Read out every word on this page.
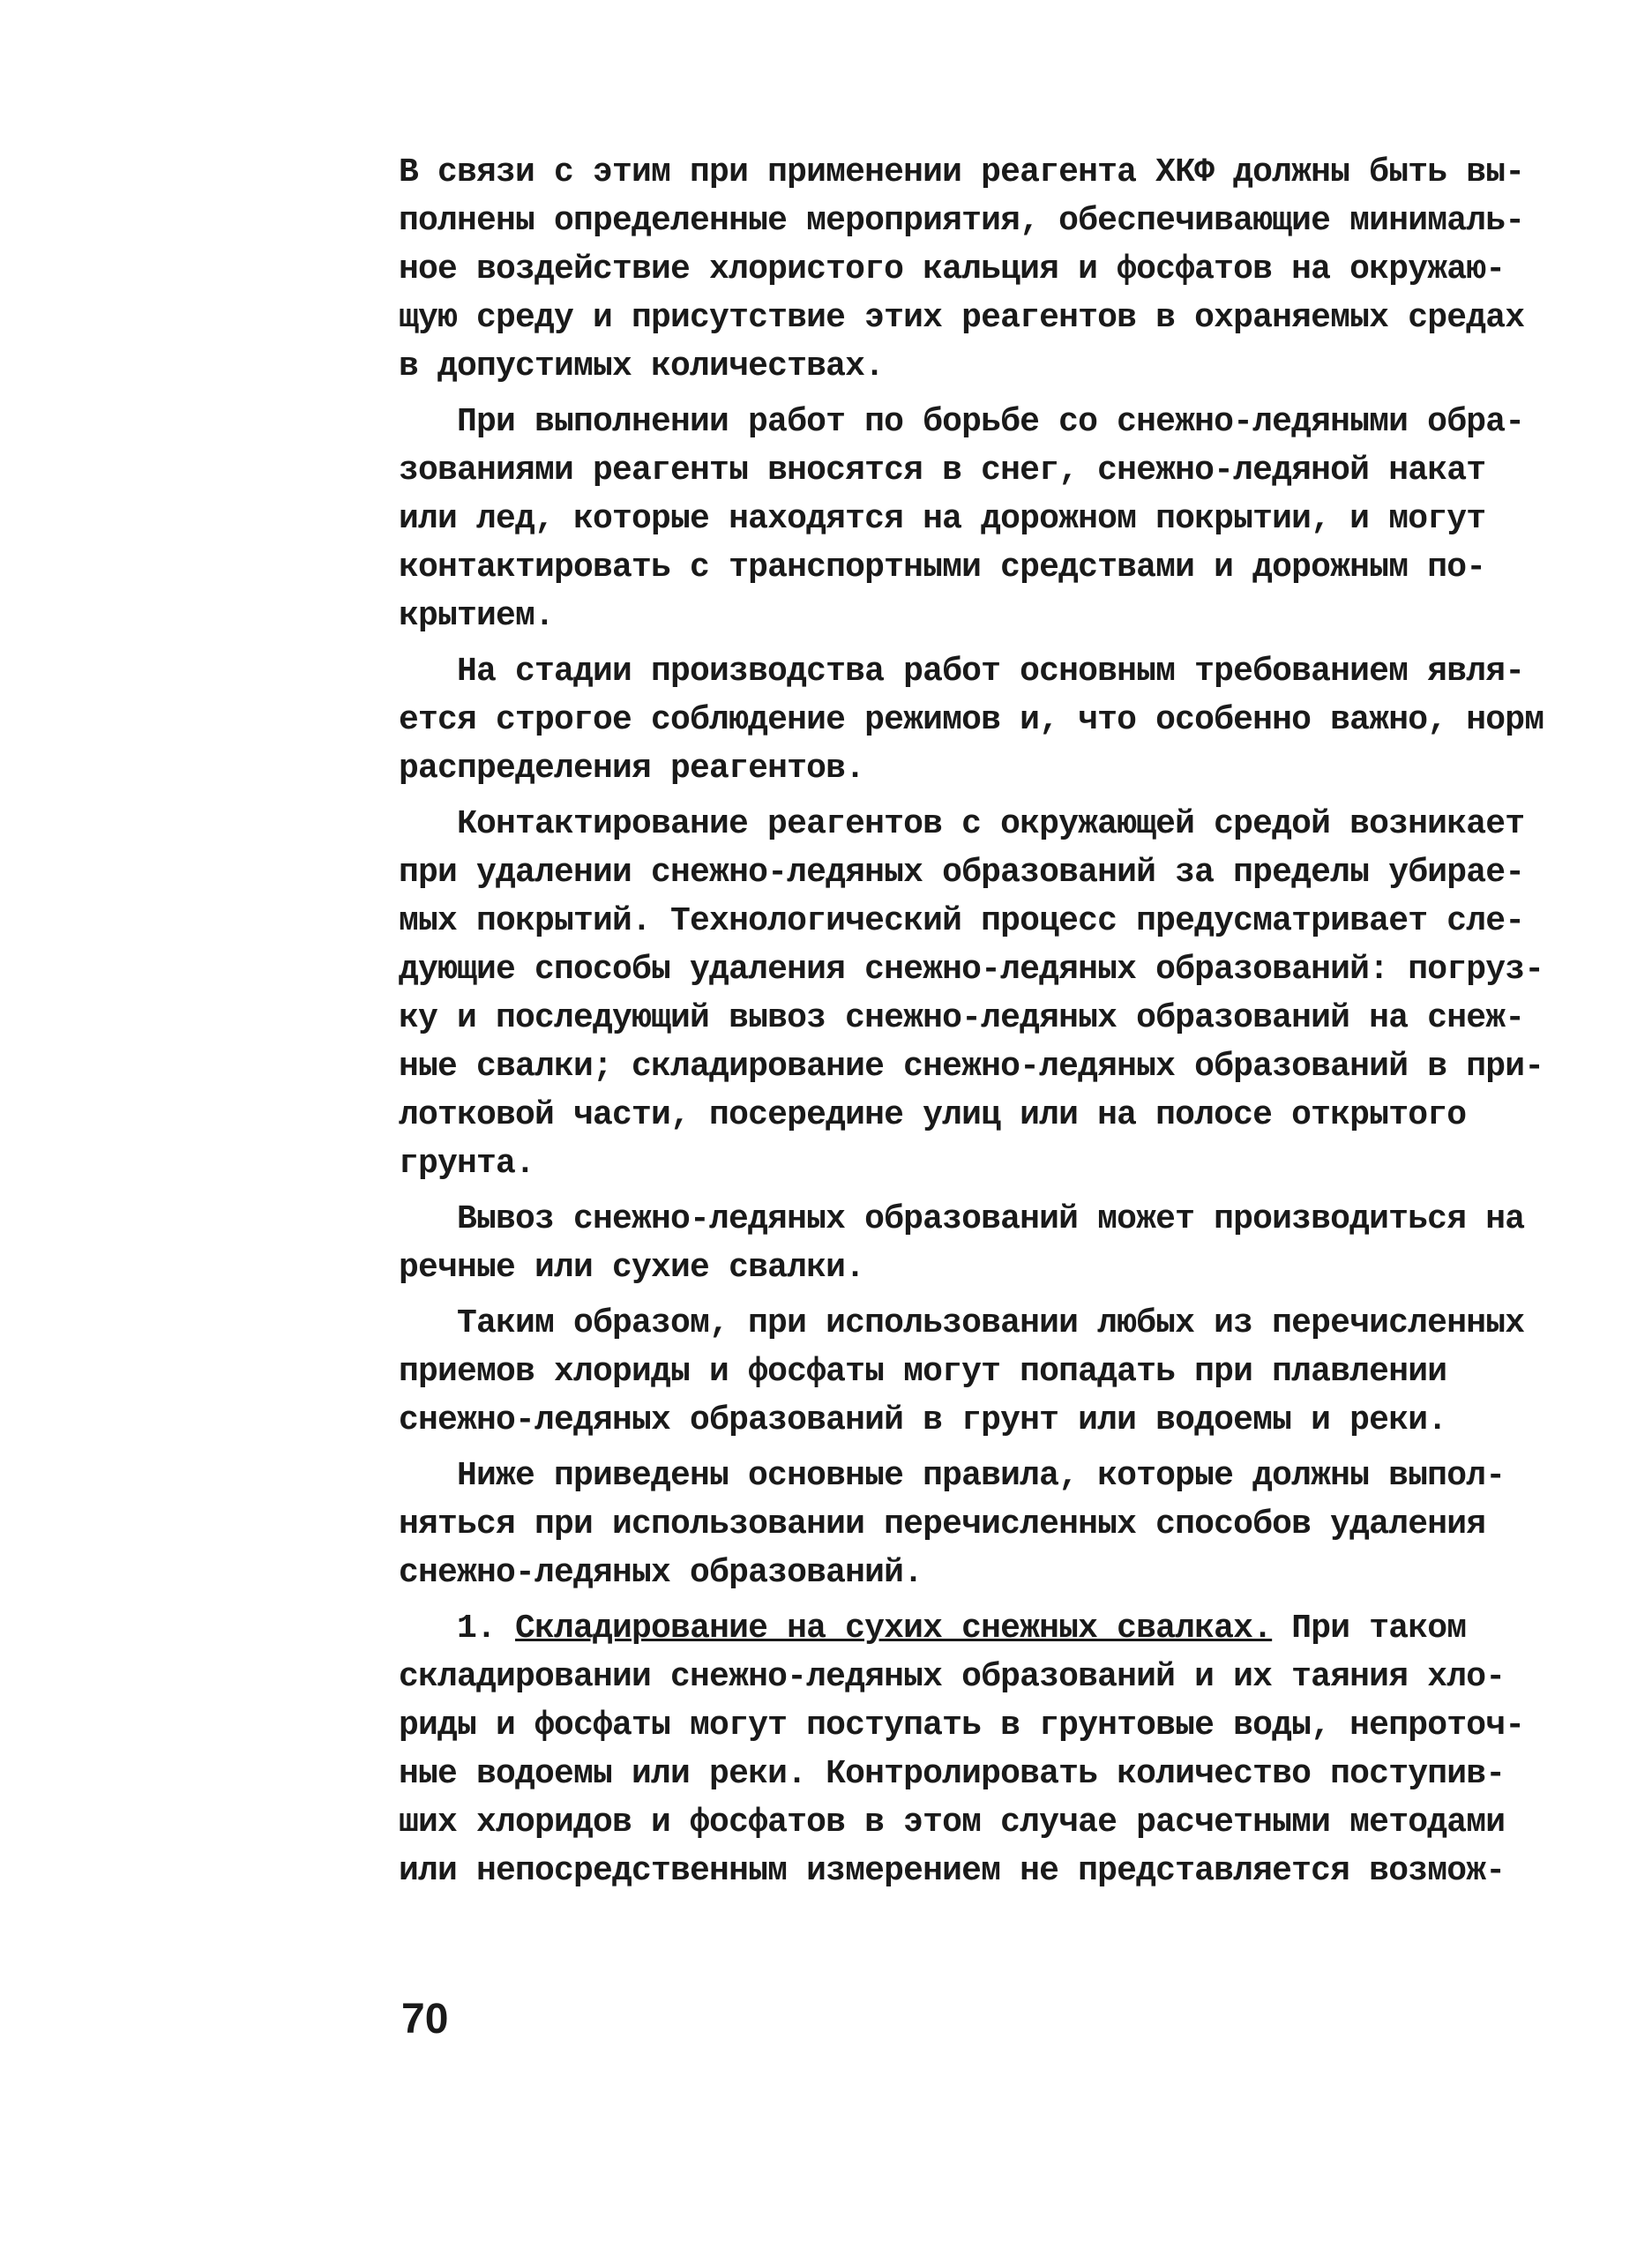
В связи с этим при применении реагента ХКФ должны быть вы-
полнены определенные мероприятия, обеспечивающие минималь-
ное воздействие хлористого кальция и фосфатов на окружаю-
щую среду и присутствие этих реагентов в охраняемых средах
в допустимых количествах.
При выполнении работ по борьбе со снежно-ледяными обра-
зованиями реагенты вносятся в снег, снежно-ледяной накат
или лед, которые находятся на дорожном покрытии, и могут
контактировать с транспортными средствами и дорожным по-
крытием.
На стадии производства работ основным требованием явля-
ется строгое соблюдение режимов и, что особенно важно, норм
распределения реагентов.
Контактирование реагентов с окружающей средой возникает
при удалении снежно-ледяных образований за пределы убирае-
мых покрытий. Технологический процесс предусматривает сле-
дующие способы удаления снежно-ледяных образований: погруз-
ку и последующий вывоз снежно-ледяных образований на снеж-
ные свалки; складирование снежно-ледяных образований в при-
лотковой части, посередине улиц или на полосе открытого
грунта.
Вывоз снежно-ледяных образований может производиться на
речные или сухие свалки.
Таким образом, при использовании любых из перечисленных
приемов хлориды и фосфаты могут попадать при плавлении
снежно-ледяных образований в грунт или водоемы и реки.
Ниже приведены основные правила, которые должны выпол-
няться при использовании перечисленных способов удаления
снежно-ледяных образований.
1. Складирование на сухих снежных свалках. При таком
складировании снежно-ледяных образований и их таяния хло-
риды и фосфаты могут поступать в грунтовые воды, непроточ-
ные водоемы или реки. Контролировать количество поступив-
ших хлоридов и фосфатов в этом случае расчетными методами
или непосредственным измерением не представляется возмож-
70
